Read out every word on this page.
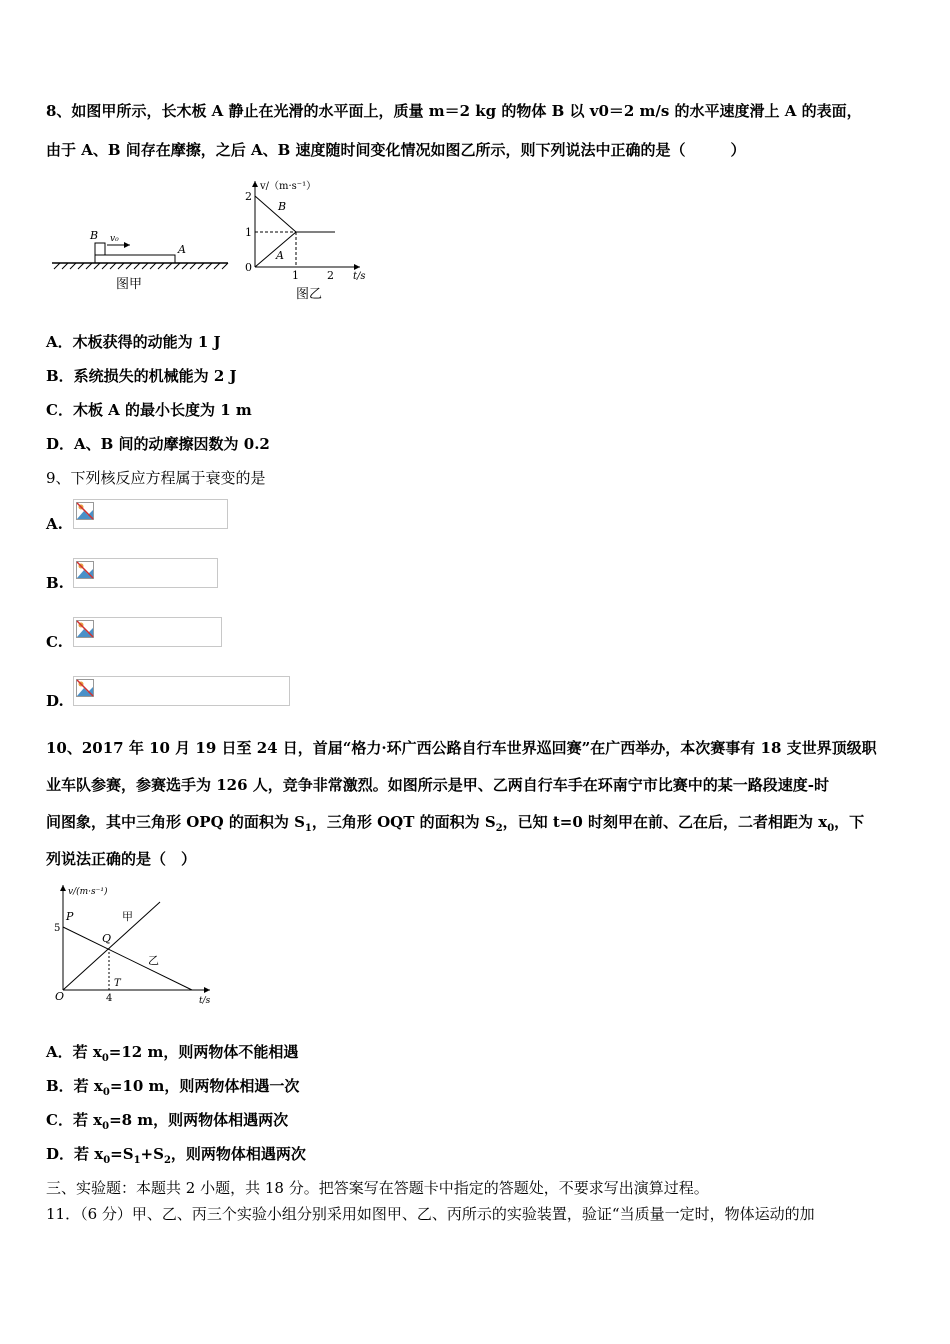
8、如图甲所示，长木板 A 静止在光滑的水平面上，质量 m＝2 kg 的物体 B 以 v0＝2 m/s 的水平速度滑上 A 的表面，
由于 A、B 间存在摩擦，之后 A、B 速度随时间变化情况如图乙所示，则下列说法中正确的是（　　　）
B v₀
A
图甲
v/（m·s⁻¹）
t/s
2
1
0
1	2
B
A
图乙
A．木板获得的动能为 1 J
B．系统损失的机械能为 2 J
C．木板 A 的最小长度为 1 m
D．A、B 间的动摩擦因数为 0.2
9、下列核反应方程属于衰变的是
A.
B.
C.
D.
10、2017 年 10 月 19 日至 24 日，首届“格力·环广西公路自行车世界巡回赛”在广西举办，本次赛事有 18 支世界顶级职
业车队参赛，参赛选手为 126 人，竞争非常激烈。如图所示是甲、乙两自行车手在环南宁市比赛中的某一路段速度-时
间图象，其中三角形 OPQ 的面积为 $S_1$，三角形 OQT 的面积为 $S_2$，已知 t=0 时刻甲在前、乙在后，二者相距为 $x_0$，下
列说法正确的是（　）
v/(m·s⁻¹)
t/s
P
5
Q
T
4
O
甲
乙
A．若 $x_0=12$ m，则两物体不能相遇
B．若 $x_0=10$ m，则两物体相遇一次
C．若 $x_0=8$ m，则两物体相遇两次
D．若 $x_0=S_1+S_2$，则两物体相遇两次
三、实验题：本题共 2 小题，共 18 分。把答案写在答题卡中指定的答题处，不要求写出演算过程。
11．（6 分）甲、乙、丙三个实验小组分别采用如图甲、乙、丙所示的实验装置，验证“当质量一定时，物体运动的加
